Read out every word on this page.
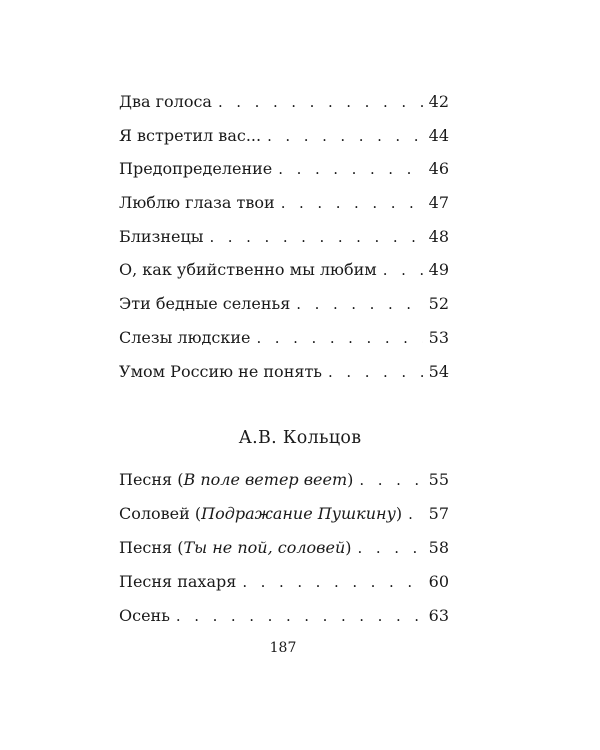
Два голоса . . .	42
Я встретил вас... . . .	44
Предопределение . . .	46
Люблю глаза твои . . .	47
Близнецы . . .	48
О, как убийственно мы любим . . .	49
Эти бедные селенья . . .	52
Слезы людские . . .	53
Умом Россию не понять . . .	54
А.В. Кольцов
Песня (В поле ветер веет) . . .	55
Соловей (Подражание Пушкину) . . . 57
Песня (Ты не пой, соловей) . . .	58
Песня пахаря . . .	60
Осень . . .	63
187
